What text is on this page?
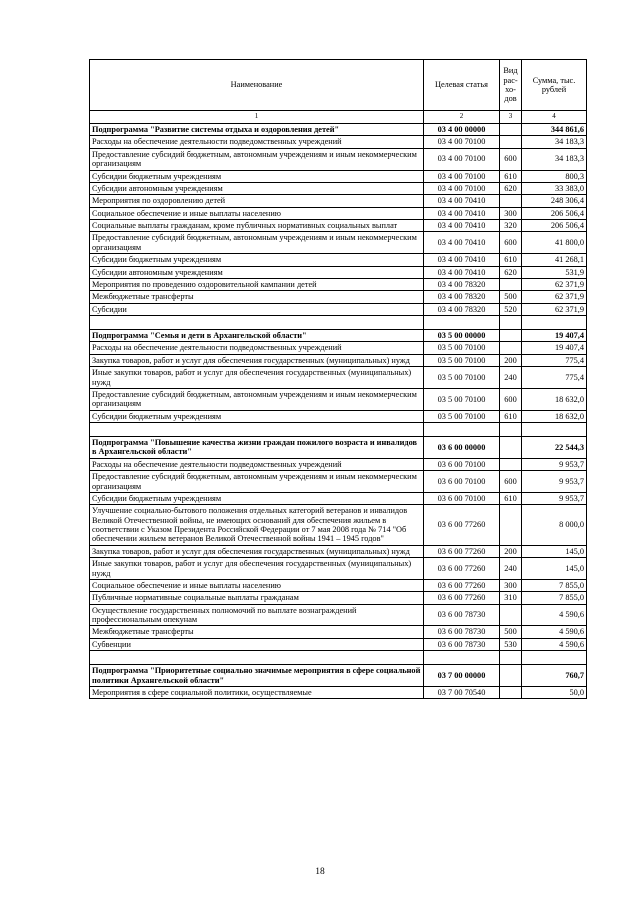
Наименование	Целевая статья	Вид рас-хо-дов	Сумма, тыс. рублей
1	2	3	4
Подпрограмма "Развитие системы отдыха и оздоровления детей"	03 4 00 00000		344 861,6
Расходы на обеспечение деятельности подведомственных учреждений	03 4 00 70100		34 183,3
Предоставление субсидий бюджетным, автономным учреждениям и иным некоммерческим организациям	03 4 00 70100	600	34 183,3
Субсидии бюджетным учреждениям	03 4 00 70100	610	800,3
Субсидии автономным учреждениям	03 4 00 70100	620	33 383,0
Мероприятия по оздоровлению детей	03 4 00 70410		248 306,4
Социальное обеспечение и иные выплаты населению	03 4 00 70410	300	206 506,4
Социальные выплаты гражданам, кроме публичных нормативных социальных выплат	03 4 00 70410	320	206 506,4
Предоставление субсидий бюджетным, автономным учреждениям и иным некоммерческим организациям	03 4 00 70410	600	41 800,0
Субсидии бюджетным учреждениям	03 4 00 70410	610	41 268,1
Субсидии автономным учреждениям	03 4 00 70410	620	531,9
Мероприятия по проведению оздоровительной кампании детей	03 4 00 78320		62 371,9
Межбюджетные трансферты	03 4 00 78320	500	62 371,9
Субсидии	03 4 00 78320	520	62 371,9

Подпрограмма "Семья и дети в Архангельской области"	03 5 00 00000		19 407,4
Расходы на обеспечение деятельности подведомственных учреждений	03 5 00 70100		19 407,4
Закупка товаров, работ и услуг для обеспечения государственных (муниципальных) нужд	03 5 00 70100	200	775,4
Иные закупки товаров, работ и услуг для обеспечения государственных (муниципальных) нужд	03 5 00 70100	240	775,4
Предоставление субсидий бюджетным, автономным учреждениям и иным некоммерческим организациям	03 5 00 70100	600	18 632,0
Субсидии бюджетным учреждениям	03 5 00 70100	610	18 632,0

Подпрограмма "Повышение качества жизни граждан пожилого возраста и инвалидов в Архангельской области"	03 6 00 00000		22 544,3
Расходы на обеспечение деятельности подведомственных учреждений	03 6 00 70100		9 953,7
Предоставление субсидий бюджетным, автономным учреждениям и иным некоммерческим организациям	03 6 00 70100	600	9 953,7
Субсидии бюджетным учреждениям	03 6 00 70100	610	9 953,7
Улучшение социально-бытового положения отдельных категорий ветеранов и инвалидов Великой Отечественной войны, не имеющих оснований для обеспечения жильем в соответствии с Указом Президента Российской Федерации от 7 мая 2008 года № 714 "Об обеспечении жильем ветеранов Великой Отечественной войны 1941 – 1945 годов"	03 6 00 77260		8 000,0
Закупка товаров, работ и услуг для обеспечения государственных (муниципальных) нужд	03 6 00 77260	200	145,0
Иные закупки товаров, работ и услуг для обеспечения государственных (муниципальных) нужд	03 6 00 77260	240	145,0
Социальное обеспечение и иные выплаты населению	03 6 00 77260	300	7 855,0
Публичные нормативные социальные выплаты гражданам	03 6 00 77260	310	7 855,0
Осуществление государственных полномочий по выплате вознаграждений профессиональным опекунам	03 6 00 78730		4 590,6
Межбюджетные трансферты	03 6 00 78730	500	4 590,6
Субвенции	03 6 00 78730	530	4 590,6

Подпрограмма "Приоритетные социально значимые мероприятия в сфере социальной политики Архангельской области"	03 7 00 00000		760,7
Мероприятия в сфере социальной политики, осуществляемые	03 7 00 70540		50,0
18
